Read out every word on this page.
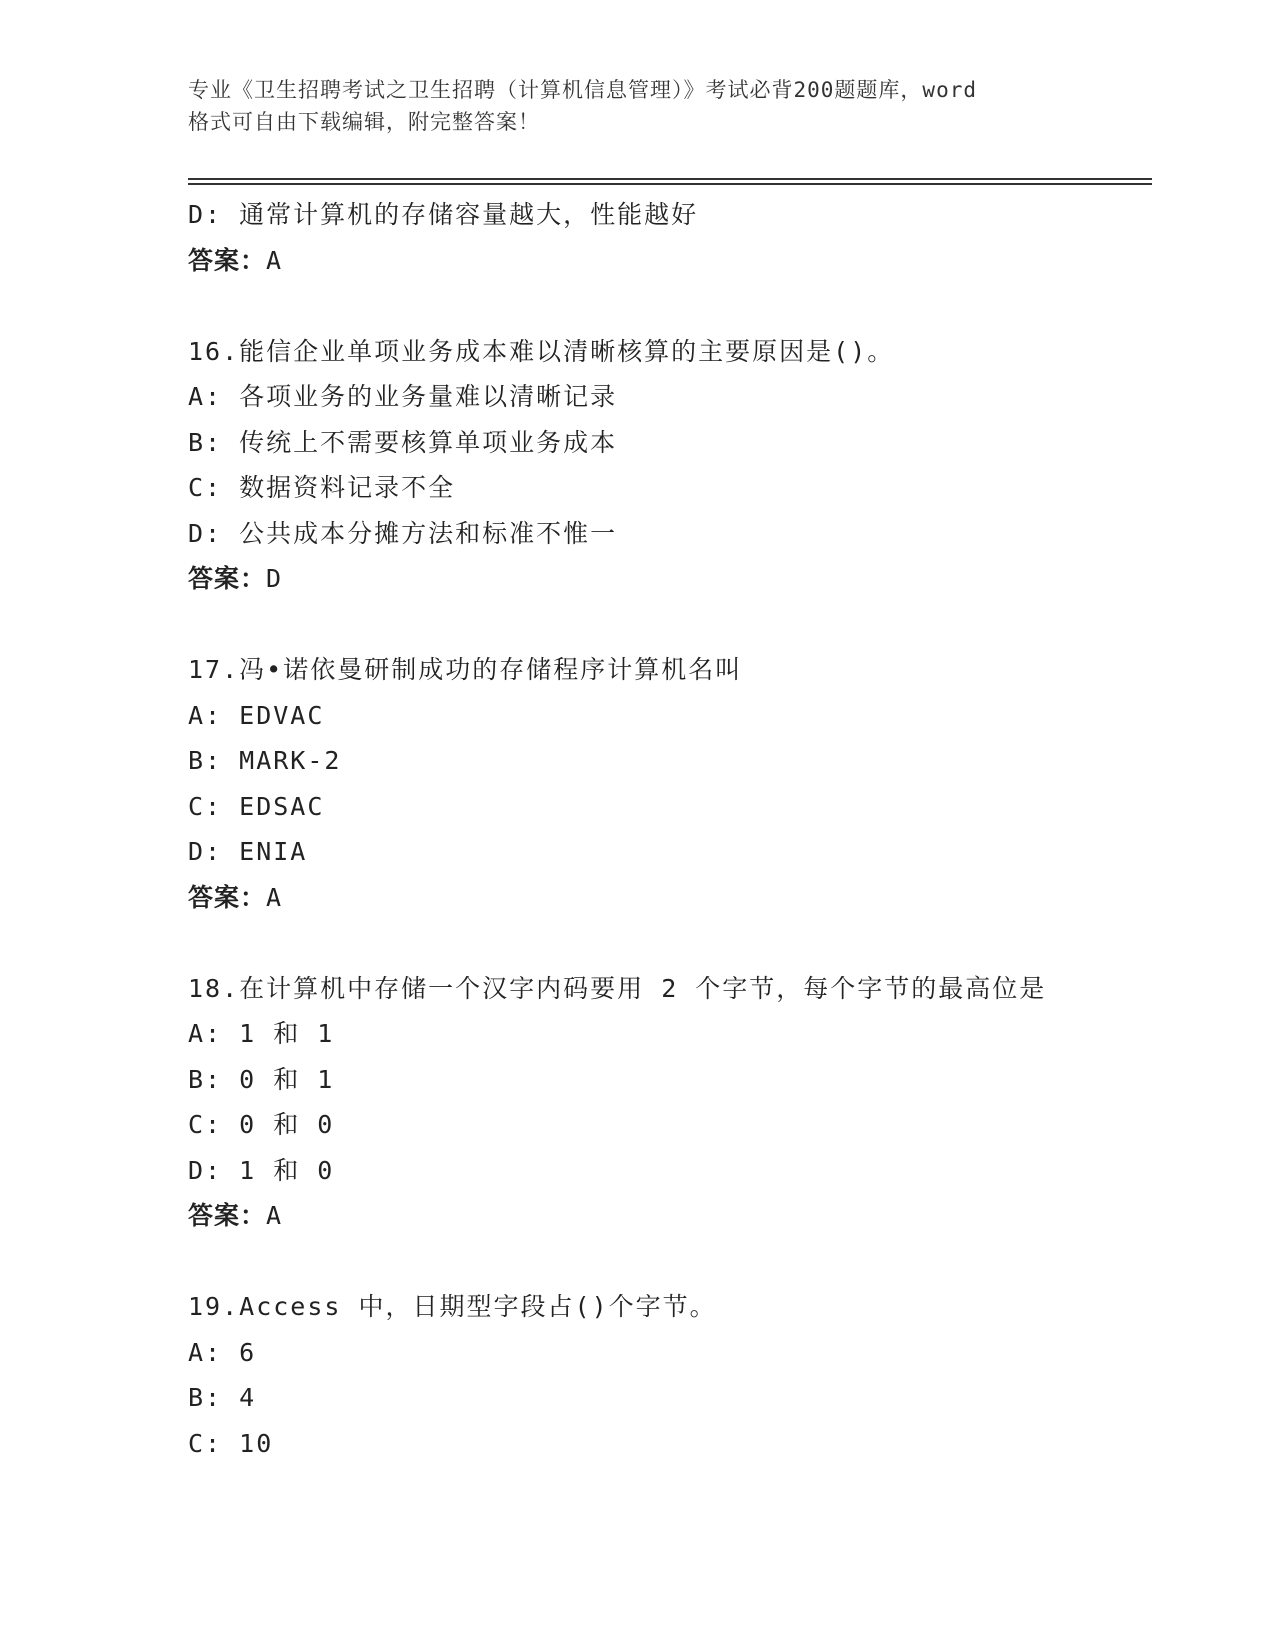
专业《卫生招聘考试之卫生招聘（计算机信息管理）》考试必背200题题库，word
格式可自由下载编辑，附完整答案！
D: 通常计算机的存储容量越大，性能越好
答案：A
16.能信企业单项业务成本难以清晰核算的主要原因是()。
A: 各项业务的业务量难以清晰记录
B: 传统上不需要核算单项业务成本
C: 数据资料记录不全
D: 公共成本分摊方法和标准不惟一
答案：D
17.冯•诺依曼研制成功的存储程序计算机名叫
A: EDVAC
B: MARK-2
C: EDSAC
D: ENIA
答案：A
18.在计算机中存储一个汉字内码要用 2 个字节，每个字节的最高位是
A: 1 和 1
B: 0 和 1
C: 0 和 0
D: 1 和 0
答案：A
19.Access 中，日期型字段占()个字节。
A: 6
B: 4
C: 10
